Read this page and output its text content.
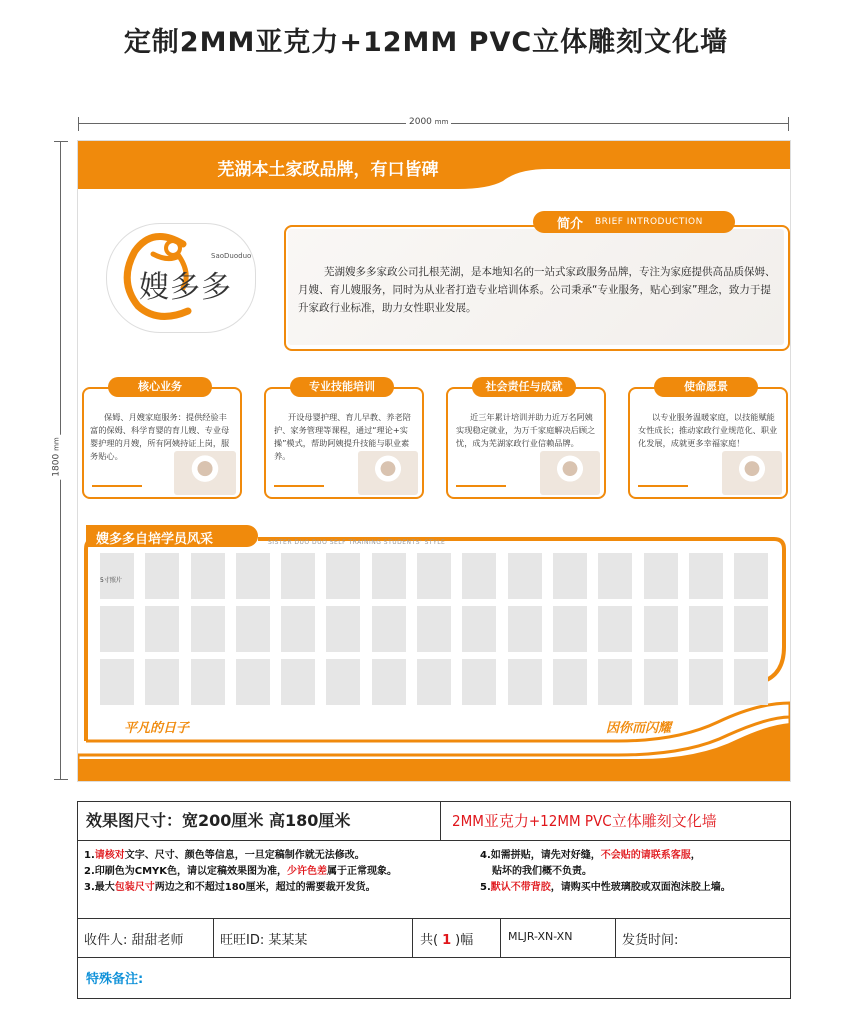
定制2MM亚克力+12MM PVC立体雕刻文化墙
2000 mm
1800 mm
芜湖本土家政品牌，有口皆碑
SaoDuoduo
嫂多多	芜湖嫂多多家政公司扎根芜湖，是本地知名的一站式家政服务品牌，专注为家庭提供高品质保姆、月嫂、育儿嫂服务，同时为从业者打造专业培训体系。公司秉承“专业服务，贴心到家”理念，致力于提升家政行业标准，助力女性职业发展。
简介 BRIEF INTRODUCTION
保姆、月嫂家庭服务：提供经验丰富的保姆、科学育婴的育儿嫂、专业母婴护理的月嫂，所有阿姨持证上岗，服务贴心。
核心业务
开设母婴护理、育儿早教、养老陪护、家务管理等课程，通过“理论+实操”模式，帮助阿姨提升技能与职业素养。
专业技能培训
近三年累计培训并助力近万名阿姨实现稳定就业，为万千家庭解决后顾之忧，成为芜湖家政行业信赖品牌。
社会责任与成就
以专业服务温暖家庭，以技能赋能女性成长；推动家政行业规范化、职业化发展，成就更多幸福家庭！
使命愿景
嫂多多自培学员风采	SISTER DUO DUO SELF TRAINING STUDENTS' STYLE
5寸照片
平凡的日子	因你而闪耀
效果图尺寸：宽200厘米 高180厘米	2MM亚克力+12MM PVC立体雕刻文化墙
1.请核对文字、尺寸、颜色等信息，一旦定稿制作就无法修改。
2.印刷色为CMYK色，请以定稿效果图为准，少许色差属于正常现象。
3.最大包装尺寸两边之和不超过180厘米，超过的需要裁开发货。
4.如需拼贴，请先对好缝，不会贴的请联系客服，
贴坏的我们概不负责。
5.默认不带背胶，请购买中性玻璃胶或双面泡沫胶上墙。
收件人: 甜甜老师	旺旺ID: 某某某	共( 1 )幅	MLJR-XN-XN	发货时间:
特殊备注:
